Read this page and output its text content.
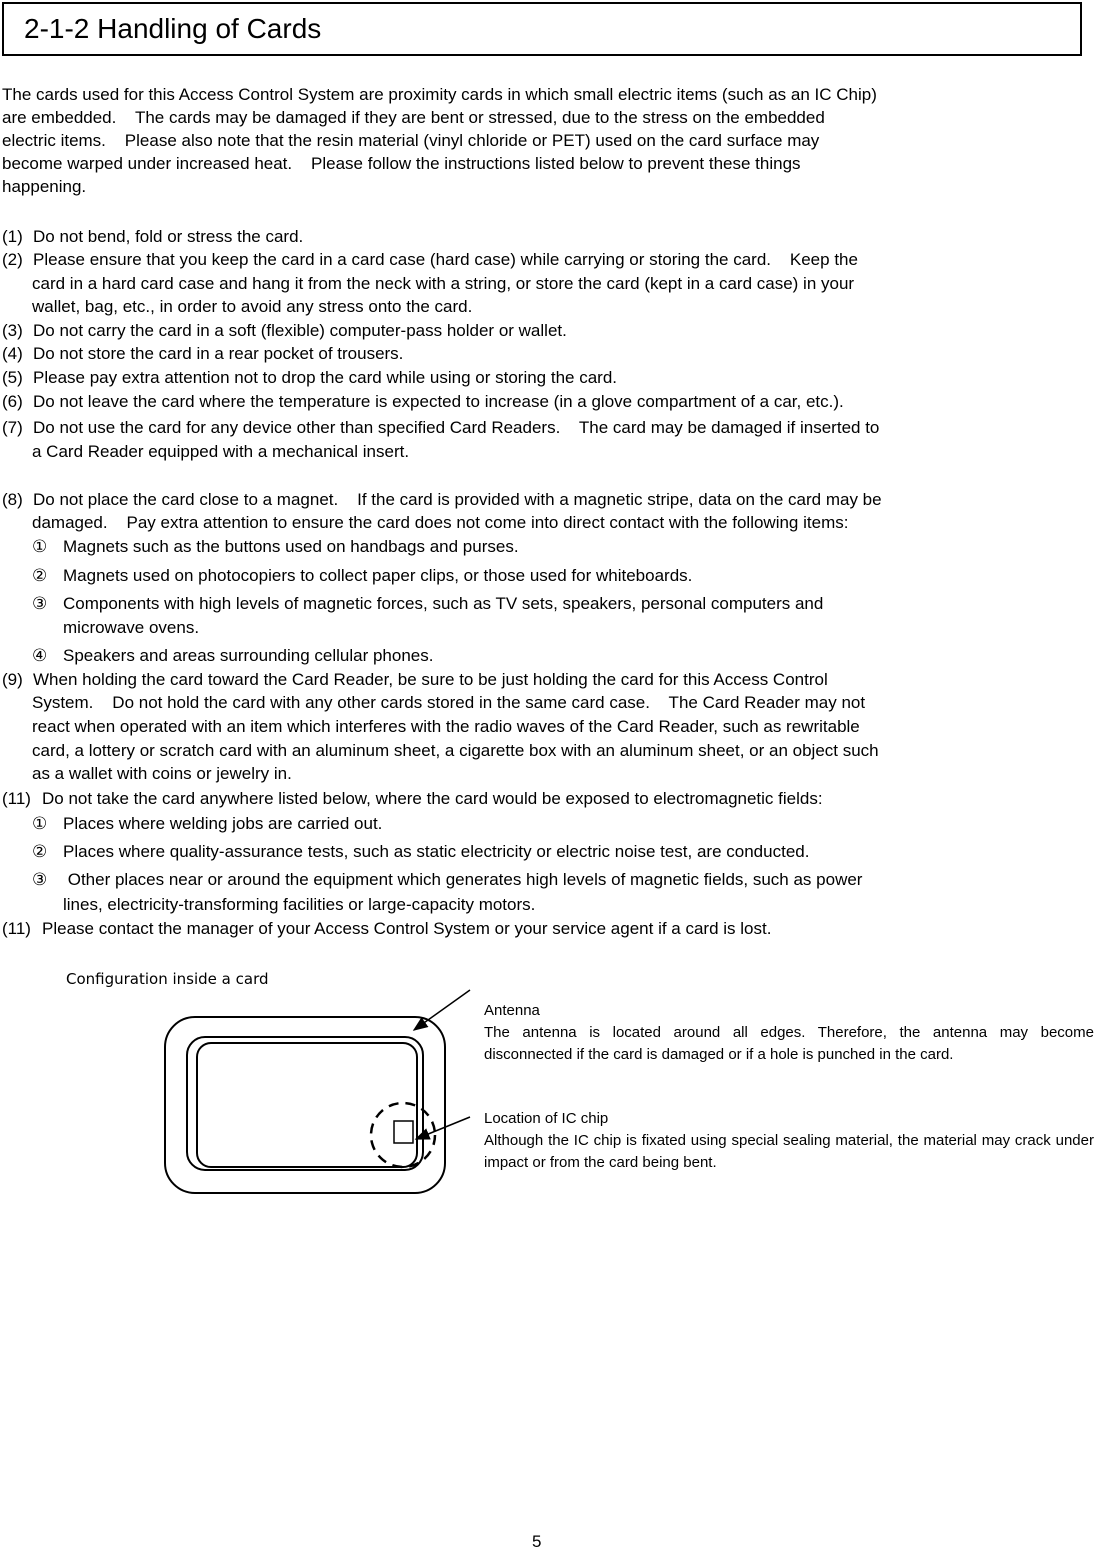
2-1-2 Handling of Cards
The cards used for this Access Control System are proximity cards in which small electric items (such as an IC Chip)
are embedded.    The cards may be damaged if they are bent or stressed, due to the stress on the embedded
electric items.    Please also note that the resin material (vinyl chloride or PET) used on the card surface may
become warped under increased heat.    Please follow the instructions listed below to prevent these things
happening.
(1) Do not bend, fold or stress the card.
(2) Please ensure that you keep the card in a card case (hard case) while carrying or storing the card.    Keep the
card in a hard card case and hang it from the neck with a string, or store the card (kept in a card case) in your
wallet, bag, etc., in order to avoid any stress onto the card.
(3) Do not carry the card in a soft (flexible) computer-pass holder or wallet.
(4) Do not store the card in a rear pocket of trousers.
(5) Please pay extra attention not to drop the card while using or storing the card.
(6) Do not leave the card where the temperature is expected to increase (in a glove compartment of a car, etc.).
(7) Do not use the card for any device other than specified Card Readers.    The card may be damaged if inserted to
a Card Reader equipped with a mechanical insert.
(8) Do not place the card close to a magnet.    If the card is provided with a magnetic stripe, data on the card may be
damaged.    Pay extra attention to ensure the card does not come into direct contact with the following items:
① Magnets such as the buttons used on handbags and purses.
② Magnets used on photocopiers to collect paper clips, or those used for whiteboards.
③ Components with high levels of magnetic forces, such as TV sets, speakers, personal computers and
microwave ovens.
④ Speakers and areas surrounding cellular phones.
(9) When holding the card toward the Card Reader, be sure to be just holding the card for this Access Control
System.    Do not hold the card with any other cards stored in the same card case.    The Card Reader may not
react when operated with an item which interferes with the radio waves of the Card Reader, such as rewritable
card, a lottery or scratch card with an aluminum sheet, a cigarette box with an aluminum sheet, or an object such
as a wallet with coins or jewelry in.
(11) Do not take the card anywhere listed below, where the card would be exposed to electromagnetic fields:
① Places where welding jobs are carried out.
② Places where quality-assurance tests, such as static electricity or electric noise test, are conducted.
③ Other places near or around the equipment which generates high levels of magnetic fields, such as power
lines, electricity-transforming facilities or large-capacity motors.
(11) Please contact the manager of your Access Control System or your service agent if a card is lost.
Configuration inside a card
Antenna
The antenna is located around all edges. Therefore, the antenna may become disconnected if the card is damaged or if a hole is punched in the card.
Location of IC chip
Although the IC chip is fixated using special sealing material, the material may crack under impact or from the card being bent.
5
